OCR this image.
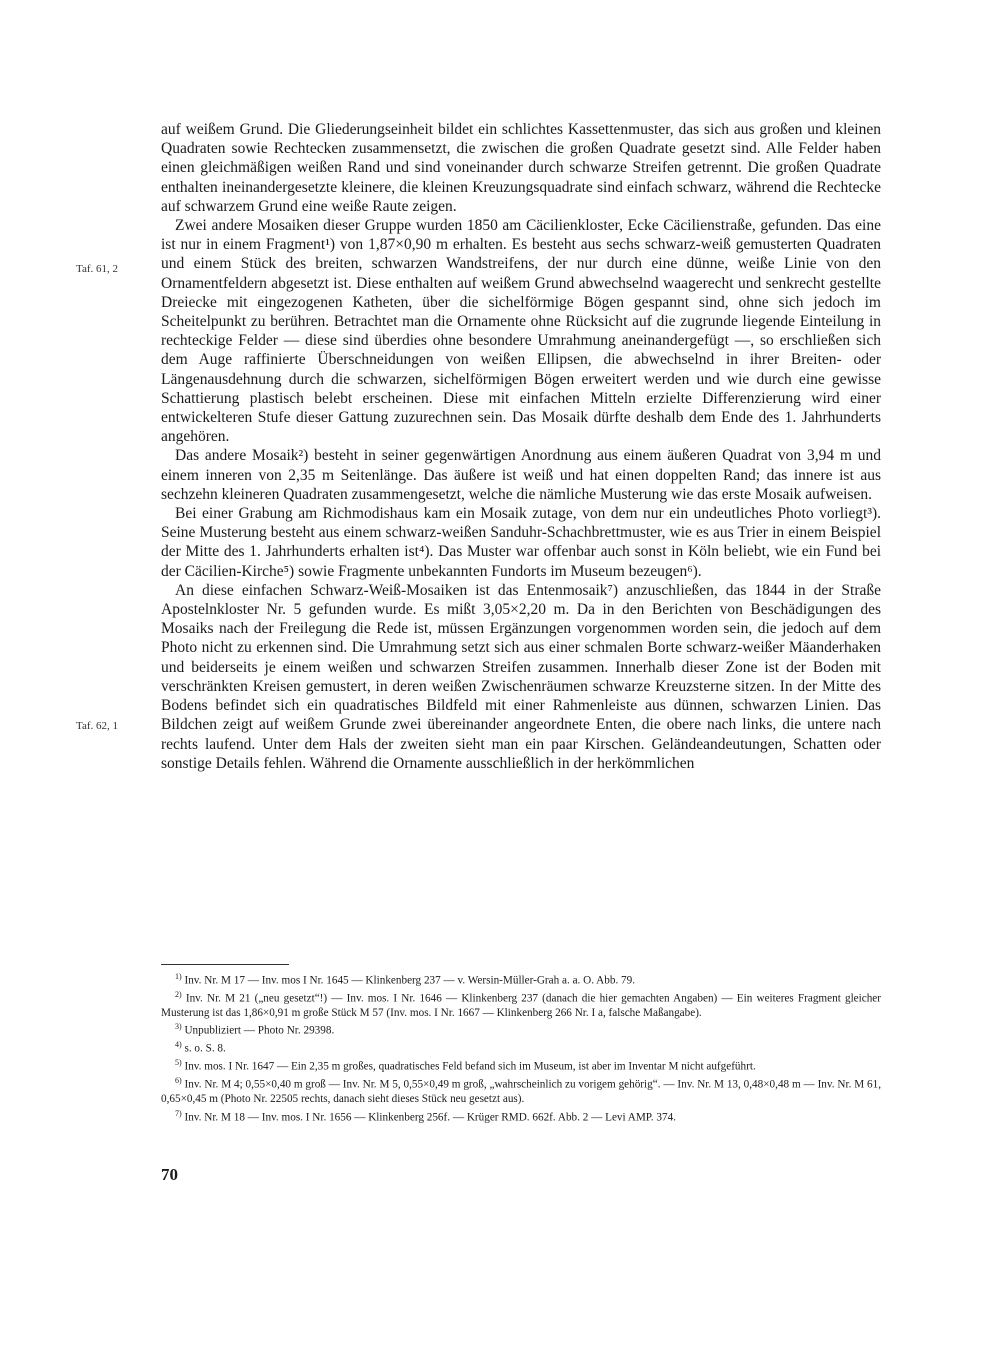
Taf. 61, 2
Taf. 62, 1

auf weißem Grund. Die Gliederungseinheit bildet ein schlichtes Kassettenmuster, das sich aus großen und kleinen Quadraten sowie Rechtecken zusammensetzt, die zwischen die großen Quadrate gesetzt sind. Alle Felder haben einen gleichmäßigen weißen Rand und sind voneinander durch schwarze Streifen getrennt. Die großen Quadrate enthalten ineinandergesetzte kleinere, die kleinen Kreuzungsquadrate sind einfach schwarz, während die Rechtecke auf schwarzem Grund eine weiße Raute zeigen.

Zwei andere Mosaiken dieser Gruppe wurden 1850 am Cäcilienkloster, Ecke Cäcilienstraße, gefunden. Das eine ist nur in einem Fragment¹) von 1,87×0,90 m erhalten. Es besteht aus sechs schwarz-weiß gemusterten Quadraten und einem Stück des breiten, schwarzen Wandstreifens, der nur durch eine dünne, weiße Linie von den Ornamentfeldern abgesetzt ist. Diese enthalten auf weißem Grund abwechselnd waagerecht und senkrecht gestellte Dreiecke mit eingezogenen Katheten, über die sichelförmige Bögen gespannt sind, ohne sich jedoch im Scheitelpunkt zu berühren. Betrachtet man die Ornamente ohne Rücksicht auf die zugrunde liegende Einteilung in rechteckige Felder — diese sind überdies ohne besondere Umrahmung aneinandergefügt —, so erschließen sich dem Auge raffinierte Überschneidungen von weißen Ellipsen, die abwechselnd in ihrer Breiten- oder Längenausdehnung durch die schwarzen, sichelförmigen Bögen erweitert werden und wie durch eine gewisse Schattierung plastisch belebt erscheinen. Diese mit einfachen Mitteln erzielte Differenzierung wird einer entwickelteren Stufe dieser Gattung zuzurechnen sein. Das Mosaik dürfte deshalb dem Ende des 1. Jahrhunderts angehören.

Das andere Mosaik²) besteht in seiner gegenwärtigen Anordnung aus einem äußeren Quadrat von 3,94 m und einem inneren von 2,35 m Seitenlänge. Das äußere ist weiß und hat einen doppelten Rand; das innere ist aus sechzehn kleineren Quadraten zusammengesetzt, welche die nämliche Musterung wie das erste Mosaik aufweisen.

Bei einer Grabung am Richmodishaus kam ein Mosaik zutage, von dem nur ein undeutliches Photo vorliegt³). Seine Musterung besteht aus einem schwarz-weißen Sanduhr-Schachbrettmuster, wie es aus Trier in einem Beispiel der Mitte des 1. Jahrhunderts erhalten ist⁴). Das Muster war offenbar auch sonst in Köln beliebt, wie ein Fund bei der Cäcilien-Kirche⁵) sowie Fragmente unbekannten Fundorts im Museum bezeugen⁶).

An diese einfachen Schwarz-Weiß-Mosaiken ist das Entenmosaik⁷) anzuschließen, das 1844 in der Straße Apostelnkloster Nr. 5 gefunden wurde. Es mißt 3,05×2,20 m. Da in den Berichten von Beschädigungen des Mosaiks nach der Freilegung die Rede ist, müssen Ergänzungen vorgenommen worden sein, die jedoch auf dem Photo nicht zu erkennen sind. Die Umrahmung setzt sich aus einer schmalen Borte schwarz-weißer Mäanderhaken und beiderseits je einem weißen und schwarzen Streifen zusammen. Innerhalb dieser Zone ist der Boden mit verschränkten Kreisen gemustert, in deren weißen Zwischenräumen schwarze Kreuzsterne sitzen. In der Mitte des Bodens befindet sich ein quadratisches Bildfeld mit einer Rahmenleiste aus dünnen, schwarzen Linien. Das Bildchen zeigt auf weißem Grunde zwei übereinander angeordnete Enten, die obere nach links, die untere nach rechts laufend. Unter dem Hals der zweiten sieht man ein paar Kirschen. Geländeandeutungen, Schatten oder sonstige Details fehlen. Während die Ornamente ausschließlich in der herkömmlichen

$^{1)}$ Inv. Nr. M 17 — Inv. mos I Nr. 1645 — Klinkenberg 237 — v. Wersin-Müller-Grah a. a. O. Abb. 79.

$^{2)}$ Inv. Nr. M 21 („neu gesetzt“!) — Inv. mos. I Nr. 1646 — Klinkenberg 237 (danach die hier gemachten Angaben) — Ein weiteres Fragment gleicher Musterung ist das 1,86×0,91 m große Stück M 57 (Inv. mos. I Nr. 1667 — Klinkenberg 266 Nr. I a, falsche Maßangabe).

$^{3)}$ Unpubliziert — Photo Nr. 29398.

$^{4)}$ s. o. S. 8.

$^{5)}$ Inv. mos. I Nr. 1647 — Ein 2,35 m großes, quadratisches Feld befand sich im Museum, ist aber im Inventar M nicht aufgeführt.

$^{6)}$ Inv. Nr. M 4; 0,55×0,40 m groß — Inv. Nr. M 5, 0,55×0,49 m groß, „wahrscheinlich zu vorigem gehörig“. — Inv. Nr. M 13, 0,48×0,48 m — Inv. Nr. M 61, 0,65×0,45 m (Photo Nr. 22505 rechts, danach sieht dieses Stück neu gesetzt aus).

$^{7)}$ Inv. Nr. M 18 — Inv. mos. I Nr. 1656 — Klinkenberg 256f. — Krüger RMD. 662f. Abb. 2 — Levi AMP. 374.

70
